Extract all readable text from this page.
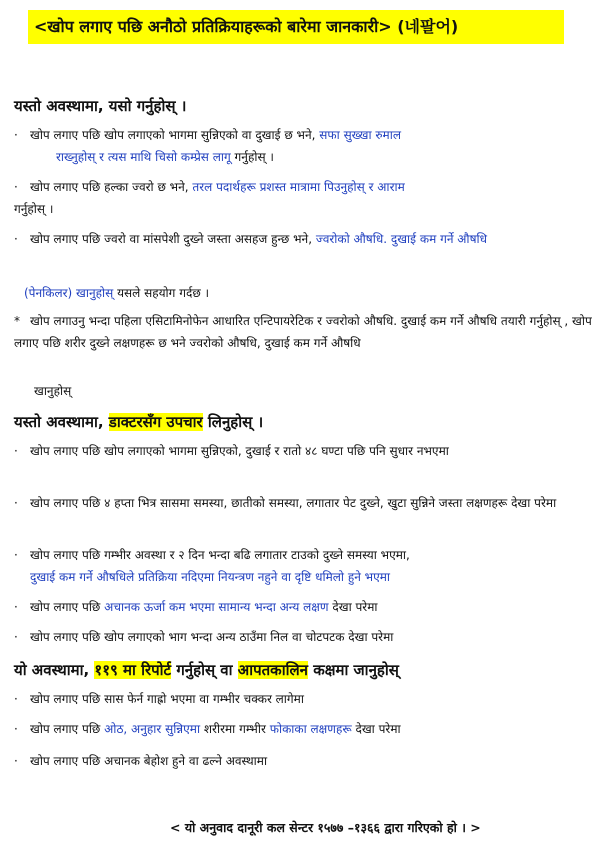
<खोप लगाए पछि अनौठो प्रतिक्रियाहरूको बारेमा जानकारी> (네팔어)
यस्तो अवस्थामा, यसो गर्नुहोस् ।
· खोप लगाए पछि खोप लगाएको भागमा सुन्निएको वा दुखाई छ भने, सफा सुख्खा रुमाल
राख्नुहोस् र त्यस माथि चिसो कम्प्रेस लागू गर्नुहोस् ।
· खोप लगाए पछि हल्का ज्वरो छ भने, तरल पदार्थहरू प्रशस्त मात्रामा पिउनुहोस् र आराम
गर्नुहोस् ।
· खोप लगाए पछि ज्वरो वा मांसपेशी दुख्ने जस्ता असहज हुन्छ भने, ज्वरोको औषधि. दुखाई कम गर्ने औषधि
(पेनकिलर) खानुहोस् यसले सहयोग गर्दछ ।
* खोप लगाउनु भन्दा पहिला एसिटामिनोफेन आधारित एन्टिपायरेटिक र ज्वरोको औषधि. दुखाई कम गर्ने औषधि तयारी गर्नुहोस् , खोप लगाए पछि शरीर दुख्ने लक्षणहरू छ भने ज्वरोको औषधि, दुखाई कम गर्ने औषधि
खानुहोस्
यस्तो अवस्थामा, डाक्टरसँग उपचार लिनुहोस् ।
· खोप लगाए पछि खोप लगाएको भागमा सुन्निएको, दुखाई र रातो ४८ घण्टा पछि पनि सुधार नभएमा
· खोप लगाए पछि ४ हप्ता भित्र सासमा समस्या, छातीको समस्या, लगातार पेट दुख्ने, खुटा सुन्निने जस्ता लक्षणहरू देखा परेमा
· खोप लगाए पछि गम्भीर अवस्था र २ दिन भन्दा बढि लगातार टाउको दुख्ने समस्या भएमा,
दुखाई कम गर्ने औषधिले प्रतिक्रिया नदिएमा नियन्त्रण नहुने वा दृष्टि धमिलो हुने भएमा
· खोप लगाए पछि अचानक ऊर्जा कम भएमा सामान्य भन्दा अन्य लक्षण देखा परेमा
· खोप लगाए पछि खोप लगाएको भाग भन्दा अन्य ठाउँमा निल वा चोटपटक देखा परेमा
यो अवस्थामा, ११९ मा रिपोर्ट गर्नुहोस् वा आपतकालिन कक्षमा जानुहोस्
· खोप लगाए पछि सास फेर्न गाह्रो भएमा वा गम्भीर चक्कर लागेमा
· खोप लगाए पछि ओठ, अनुहार सुन्निएमा शरीरमा गम्भीर फोकाका लक्षणहरू देखा परेमा
· खोप लगाए पछि अचानक बेहोश हुने वा ढल्ने अवस्थामा
< यो अनुवाद दानूरी कल सेन्टर १५७७ –१३६६ द्वारा गरिएको हो । >
